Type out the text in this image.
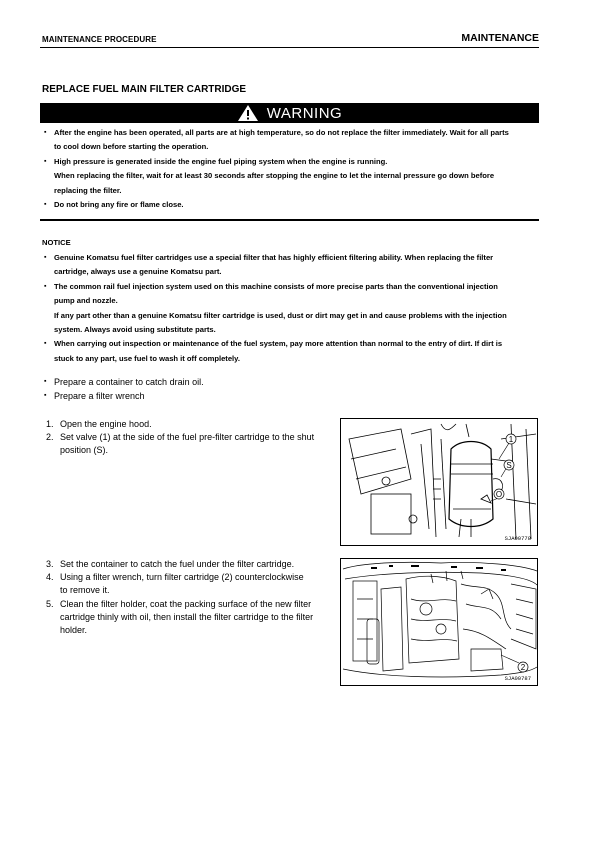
MAINTENANCE PROCEDURE	MAINTENANCE
REPLACE FUEL MAIN FILTER CARTRIDGE
WARNING
▪ After the engine has been operated, all parts are at high temperature, so do not replace the filter immediately. Wait for all parts
to cool down before starting the operation.
▪ High pressure is generated inside the engine fuel piping system when the engine is running.
When replacing the filter, wait for at least 30 seconds after stopping the engine to let the internal pressure go down before
replacing the filter.
▪ Do not bring any fire or flame close.
NOTICE
▪ Genuine Komatsu fuel filter cartridges use a special filter that has highly efficient filtering ability. When replacing the filter
cartridge, always use a genuine Komatsu part.
▪ The common rail fuel injection system used on this machine consists of more precise parts than the conventional injection
pump and nozzle.
If any part other than a genuine Komatsu filter cartridge is used, dust or dirt may get in and cause problems with the injection
system. Always avoid using substitute parts.
▪ When carrying out inspection or maintenance of the fuel system, pay more attention than normal to the entry of dirt. If dirt is
stuck to any part, use fuel to wash it off completely.
▪ Prepare a container to catch drain oil.
▪ Prepare a filter wrench
1. Open the engine hood.
2. Set valve (1) at the side of the fuel pre-filter cartridge to the shut
position (S).
3. Set the container to catch the fuel under the filter cartridge.
4. Using a filter wrench, turn filter cartridge (2) counterclockwise
to remove it.
5. Clean the filter holder, coat the packing surface of the new filter
cartridge thinly with oil, then install the filter cartridge to the filter
holder.
1
S
O
SJA00778
2
SJA00787
